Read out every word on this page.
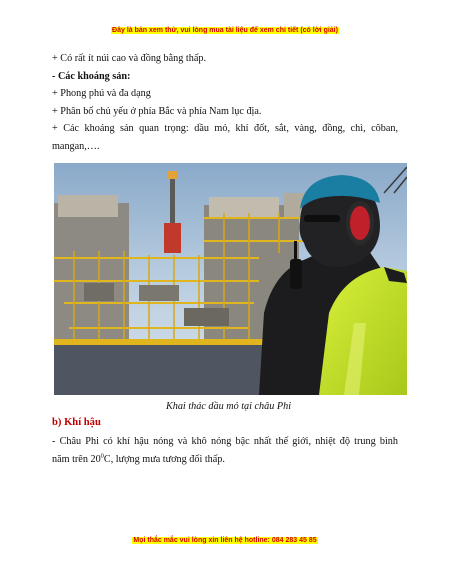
Đây là bản xem thử, vui lòng mua tài liệu để xem chi tiết (có lời giải)
+ Có rất ít núi cao và đồng bằng thấp.
- Các khoáng sản:
+ Phong phú và đa dạng
+ Phân bố chủ yếu ở phía Bắc và phía Nam lục địa.
+ Các khoáng sản quan trọng: dầu mỏ, khí đốt, sắt, vàng, đồng, chì, côban,
mangan,….
Khai thác dầu mỏ tại châu Phi
b) Khí hậu
- Châu Phi có khí hậu nóng và khô nóng bậc nhất thế giới, nhiệt độ trung bình
năm trên $20^0C$, lượng mưa tương đối thấp.
Mọi thắc mắc vui lòng xin liên hệ hotline: 084 283 45 85
